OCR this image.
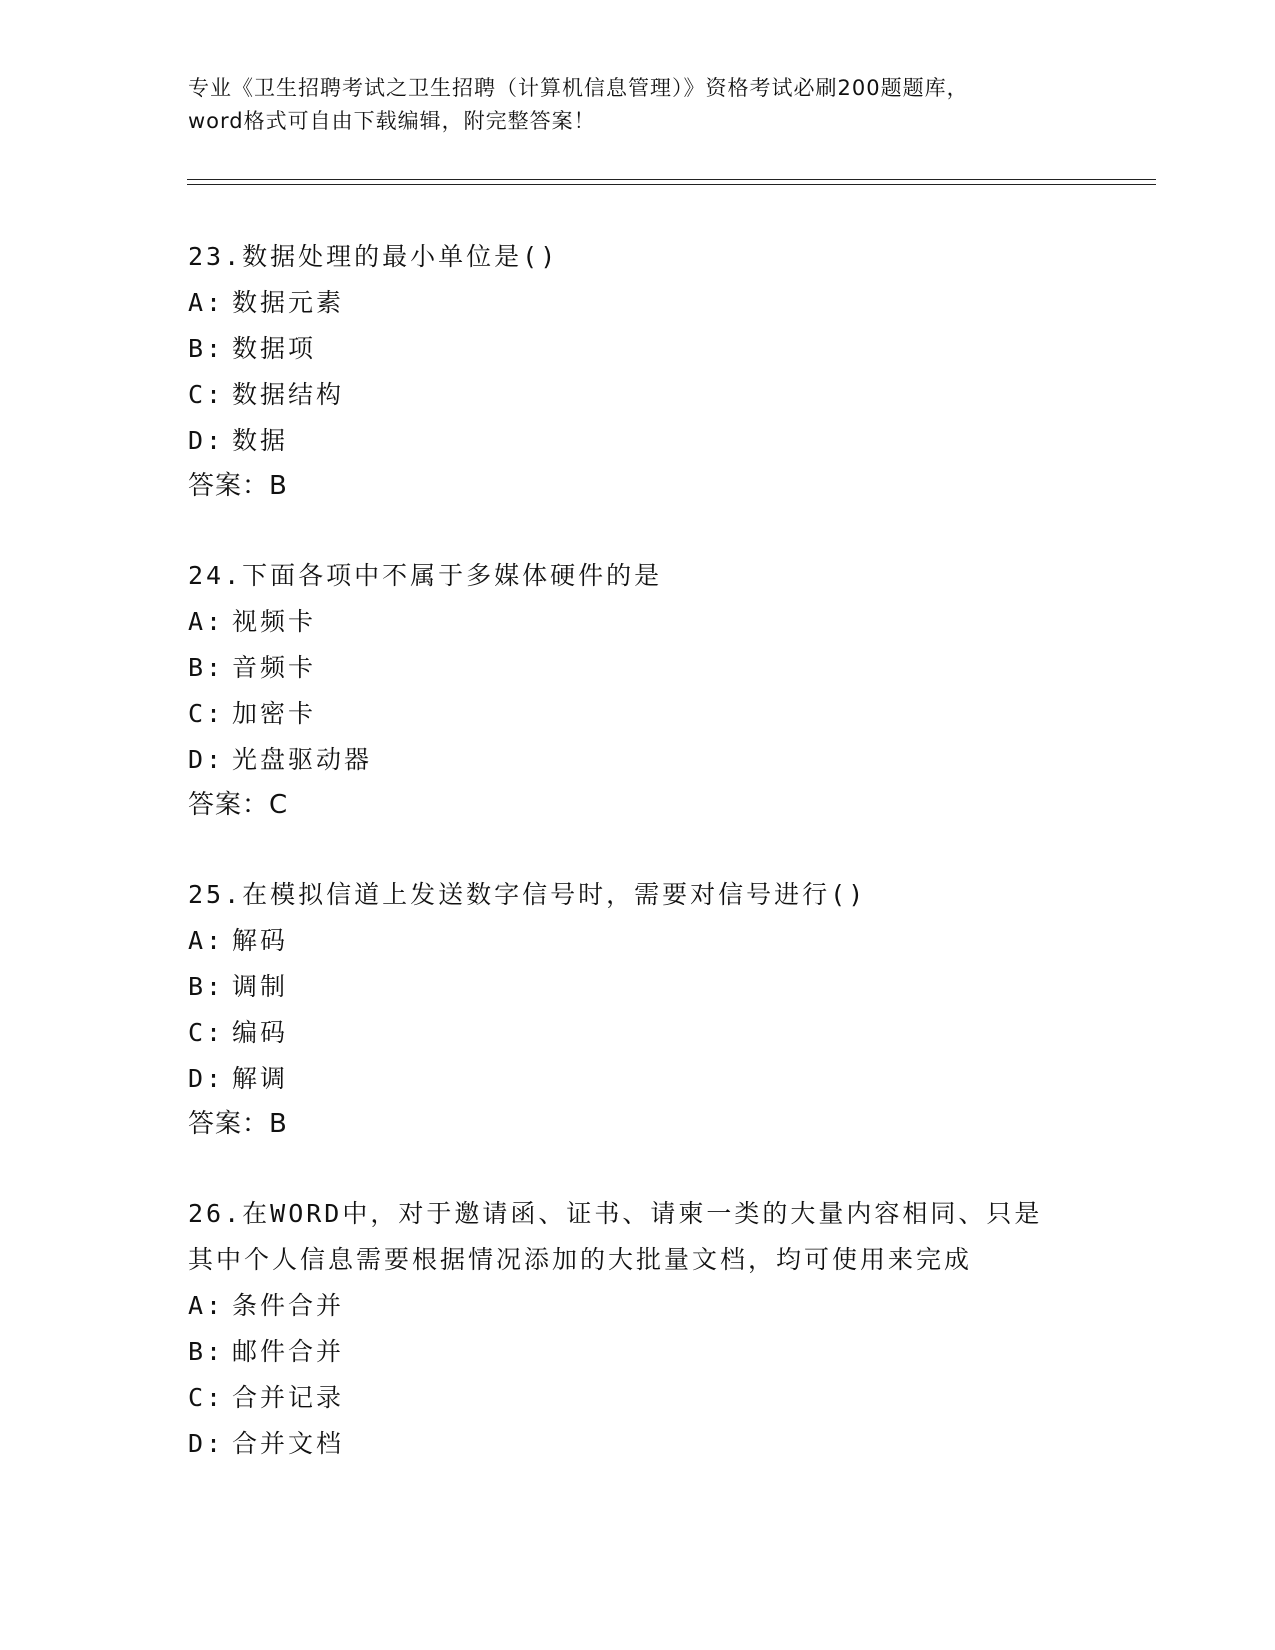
专业《卫生招聘考试之卫生招聘（计算机信息管理）》资格考试必刷200题题库，
word格式可自由下载编辑，附完整答案！

23.数据处理的最小单位是()

A: 数据元素

B: 数据项

C: 数据结构

D: 数据

答案：B

24.下面各项中不属于多媒体硬件的是

A: 视频卡

B: 音频卡

C: 加密卡

D: 光盘驱动器

答案：C

25.在模拟信道上发送数字信号时，需要对信号进行()

A: 解码

B: 调制

C: 编码

D: 解调

答案：B

26.在WORD中，对于邀请函、证书、请柬一类的大量内容相同、只是

其中个人信息需要根据情况添加的大批量文档，均可使用来完成

A: 条件合并

B: 邮件合并

C: 合并记录

D: 合并文档
